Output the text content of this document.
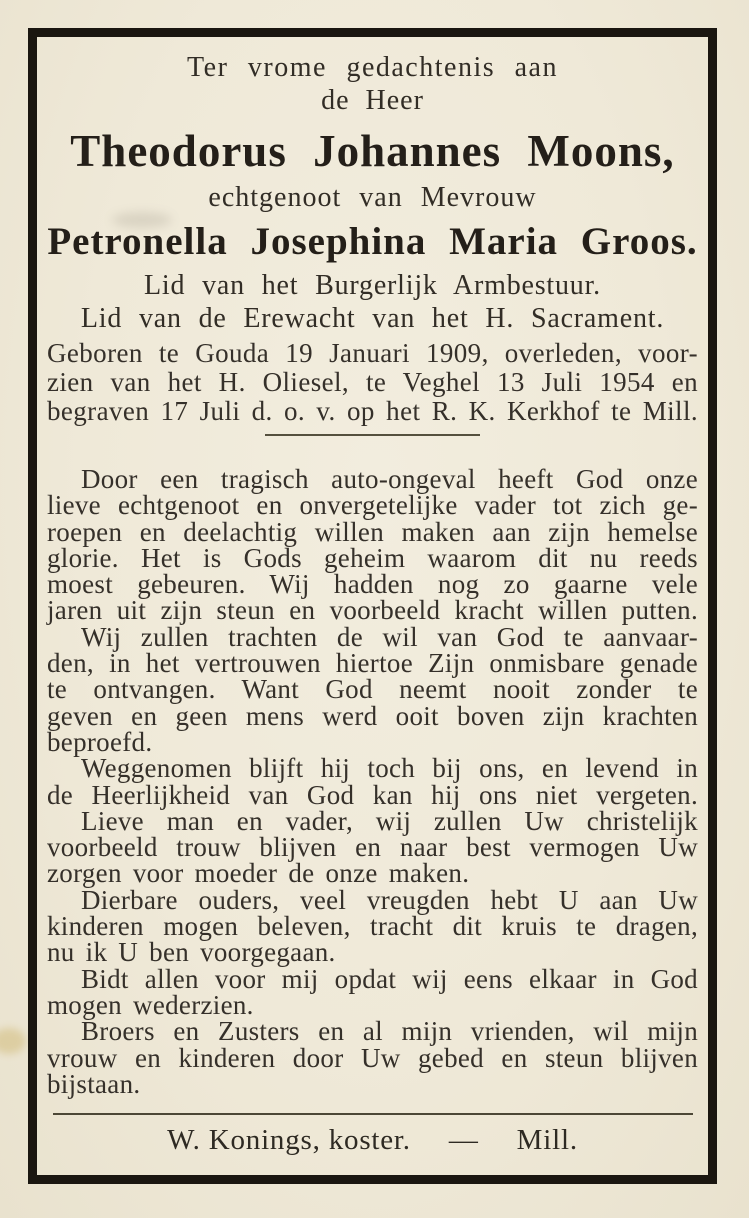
Ter vrome gedachtenis aan
de Heer
Theodorus Johannes Moons,
echtgenoot van Mevrouw
Petronella Josephina Maria Groos.
Lid van het Burgerlijk Armbestuur.
Lid van de Erewacht van het H. Sacrament.
Geboren te Gouda 19 Januari 1909, overleden, voor-
zien van het H. Oliesel, te Veghel 13 Juli 1954 en
begraven 17 Juli d. o. v. op het R. K. Kerkhof te Mill.
Door een tragisch auto-ongeval heeft God onze
lieve echtgenoot en onvergetelijke vader tot zich ge-
roepen en deelachtig willen maken aan zijn hemelse
glorie. Het is Gods geheim waarom dit nu reeds
moest gebeuren. Wij hadden nog zo gaarne vele
jaren uit zijn steun en voorbeeld kracht willen putten.
Wij zullen trachten de wil van God te aanvaar-
den, in het vertrouwen hiertoe Zijn onmisbare genade
te ontvangen. Want God neemt nooit zonder te
geven en geen mens werd ooit boven zijn krachten
beproefd.
Weggenomen blijft hij toch bij ons, en levend in
de Heerlijkheid van God kan hij ons niet vergeten.
Lieve man en vader, wij zullen Uw christelijk
voorbeeld trouw blijven en naar best vermogen Uw
zorgen voor moeder de onze maken.
Dierbare ouders, veel vreugden hebt U aan Uw
kinderen mogen beleven, tracht dit kruis te dragen,
nu ik U ben voorgegaan.
Bidt allen voor mij opdat wij eens elkaar in God
mogen wederzien.
Broers en Zusters en al mijn vrienden, wil mijn
vrouw en kinderen door Uw gebed en steun blijven
bijstaan.
W. Konings, koster. — Mill.
